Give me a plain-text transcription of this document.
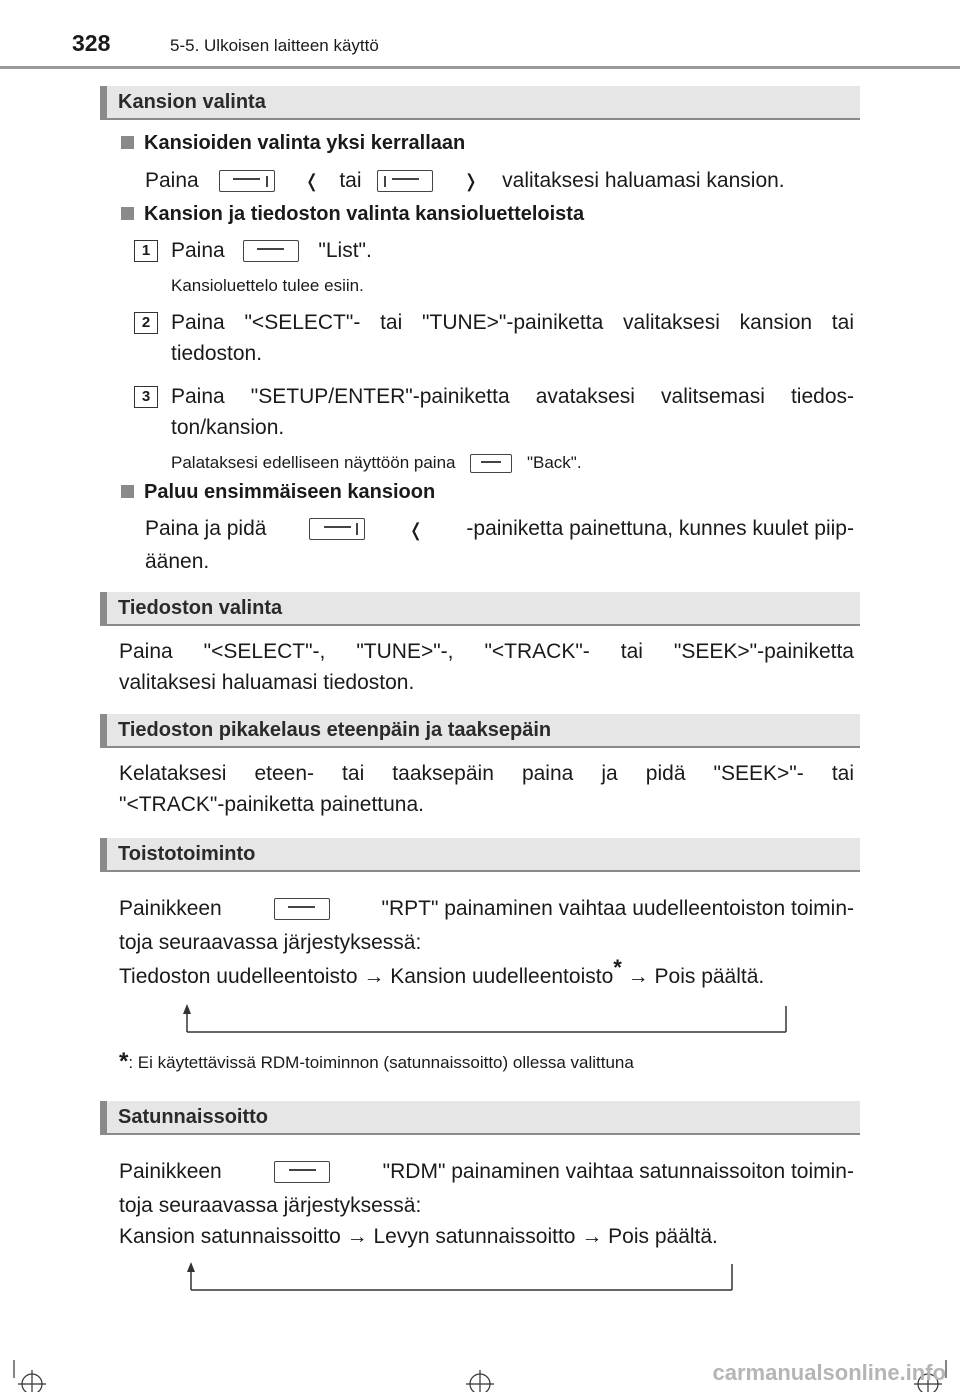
328	5-5. Ulkoisen laitteen käyttö
Kansion valinta
Kansioiden valinta yksi kerrallaan
Paina	❬ tai	❭ valitaksesi haluamasi kansion.
Kansion ja tiedoston valinta kansioluetteloista
1 Paina	"List".
Kansioluettelo tulee esiin.
2 Paina "<SELECT"- tai "TUNE>"-painiketta valitaksesi kansion tai
tiedoston.
3 Paina "SETUP/ENTER"-painiketta avataksesi valitsemasi tiedos-
ton/kansion.
Palataksesi edelliseen näyttöön paina	"Back".
Paluu ensimmäiseen kansioon
Paina ja pidä	❬ -painiketta painettuna, kunnes kuulet piip-
äänen.
Tiedoston valinta
Paina "<SELECT"-, "TUNE>"-, "<TRACK"- tai "SEEK>"-painiketta
valitaksesi haluamasi tiedoston.
Tiedoston pikakelaus eteenpäin ja taaksepäin
Kelataksesi eteen- tai taaksepäin paina ja pidä "SEEK>"- tai
"<TRACK"-painiketta painettuna.
Toistotoiminto
Painikkeen	"RPT" painaminen vaihtaa uudelleentoiston toimin-
toja seuraavassa järjestyksessä:
Tiedoston uudelleentoisto → Kansion uudelleentoisto* → Pois päältä.
*: Ei käytettävissä RDM-toiminnon (satunnaissoitto) ollessa valittuna
Satunnaissoitto
Painikkeen	"RDM" painaminen vaihtaa satunnaissoiton toimin-
toja seuraavassa järjestyksessä:
Kansion satunnaissoitto → Levyn satunnaissoitto → Pois päältä.
carmanualsonline.info
